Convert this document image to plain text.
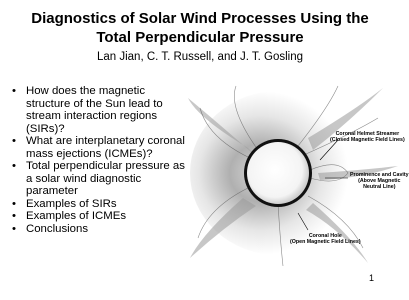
Diagnostics of Solar Wind Processes Using the
Total Perpendicular Pressure
Lan Jian, C. T. Russell, and J. T. Gosling
• How does the magnetic structure of the Sun lead to stream interaction regions (SIRs)?
• What are interplanetary coronal mass ejections (ICMEs)?
• Total perpendicular pressure as a solar wind diagnostic parameter
• Examples of SIRs
• Examples of ICMEs
• Conclusions
Coronal Helmet Streamer
(Closed Magnetic Field Lines)
Prominence and Cavity
(Above Magnetic
Neutral Line)
Coronal Hole
(Open Magnetic Field Lines)
1
